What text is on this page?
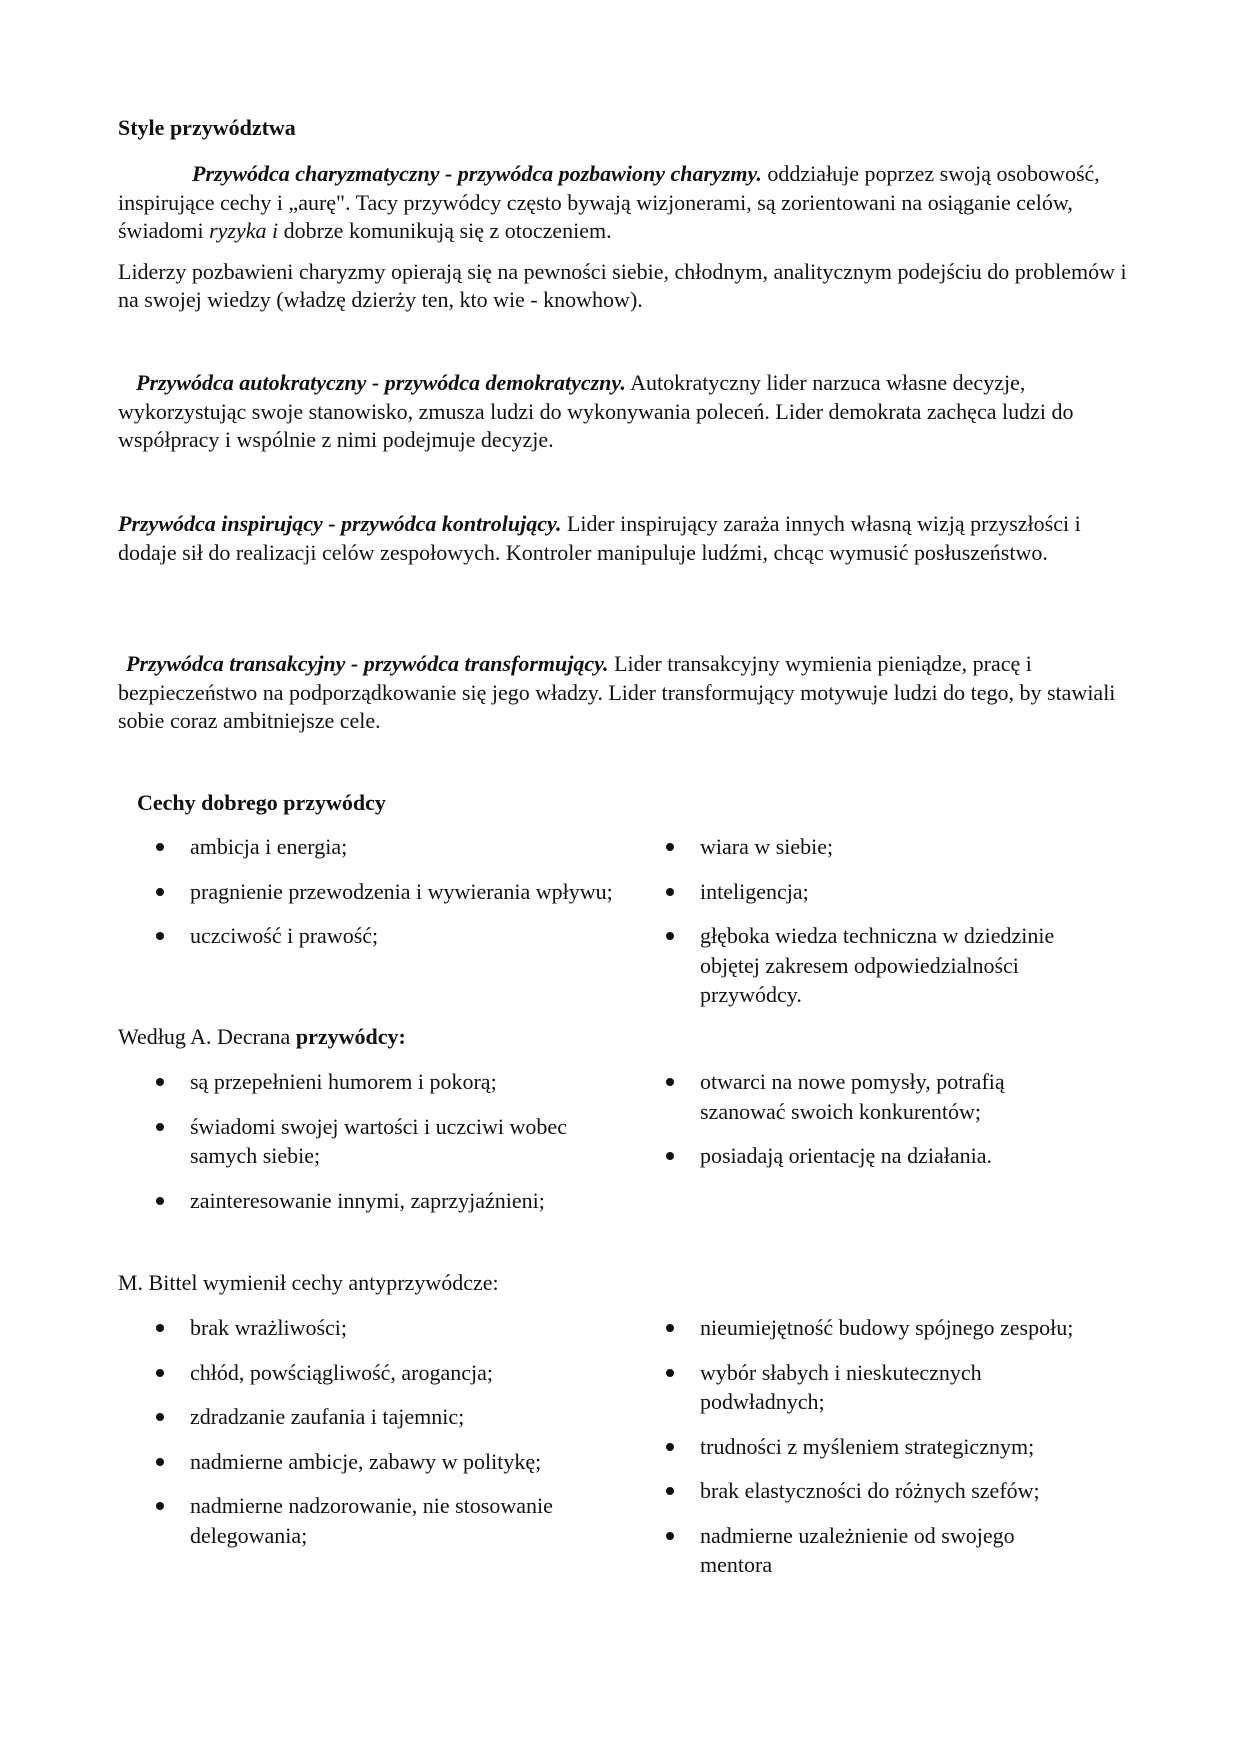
Style przywództwa

Przywódca charyzmatyczny - przywódca pozbawiony charyzmy. oddziałuje poprzez swoją osobowość, inspirujące cechy i „aurę". Tacy przywódcy często bywają wizjonerami, są zorientowani na osiąganie celów, świadomi ryzyka i dobrze komunikują się z otoczeniem.

Liderzy pozbawieni charyzmy opierają się na pewności siebie, chłodnym, analitycznym podejściu do problemów i na swojej wiedzy (władzę dzierży ten, kto wie - knowhow).

Przywódca autokratyczny - przywódca demokratyczny. Autokratyczny lider narzuca własne decyzje, wykorzystując swoje stanowisko, zmusza ludzi do wykonywania poleceń. Lider demokrata zachęca ludzi do współpracy i wspólnie z nimi podejmuje decyzje.

Przywódca inspirujący - przywódca kontrolujący. Lider inspirujący zaraża innych własną wizją przyszłości i dodaje sił do realizacji celów zespołowych. Kontroler manipuluje ludźmi, chcąc wymusić posłuszeństwo.

Przywódca transakcyjny - przywódca transformujący. Lider transakcyjny wymienia pieniądze, pracę i bezpieczeństwo na podporządkowanie się jego władzy. Lider transformujący motywuje ludzi do tego, by stawiali sobie coraz ambitniejsze cele.

Cechy dobrego przywódcy
ambicja i energia;
pragnienie przewodzenia i wywierania wpływu;
uczciwość i prawość;
wiara w siebie;
inteligencja;
głęboka wiedza techniczna w dziedzinie objętej zakresem odpowiedzialności przywódcy.
Według A. Decrana przywódcy:
są przepełnieni humorem i pokorą;
świadomi swojej wartości i uczciwi wobec samych siebie;
zainteresowanie innymi, zaprzyjaźnieni;
otwarci na nowe pomysły, potrafią szanować swoich konkurentów;
posiadają orientację na działania.
M. Bittel wymienił cechy antyprzywódcze:
brak wrażliwości;
chłód, powściągliwość, arogancja;
zdradzanie zaufania i tajemnic;
nadmierne ambicje, zabawy w politykę;
nadmierne nadzorowanie, nie stosowanie delegowania;
nieumiejętność budowy spójnego zespołu;
wybór słabych i nieskutecznych podwładnych;
trudności z myśleniem strategicznym;
brak elastyczności do różnych szefów;
nadmierne uzależnienie od swojego mentora
